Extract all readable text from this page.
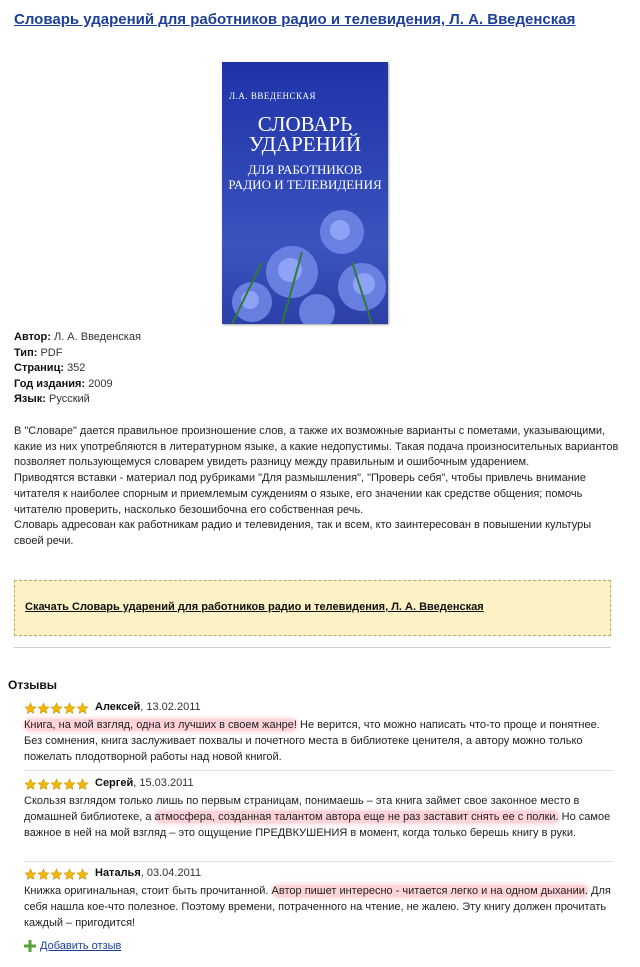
Словарь ударений для работников радио и телевидения, Л. А. Введенская
Л.А. ВВЕДЕНСКАЯ
СЛОВАРЬ
УДАРЕНИЙ
ДЛЯ РАБОТНИКОВ
РАДИО И ТЕЛЕВИДЕНИЯ
Автор: Л. А. Введенская
Тип: PDF
Страниц: 352
Год издания: 2009
Язык: Русский

В "Словаре" дается правильное произношение слов, а также их возможные варианты с пометами, указывающими, какие из них употребляются в литературном языке, а какие недопустимы. Такая подача произносительных вариантов позволяет пользующемуся словарем увидеть разницу между правильным и ошибочным ударением.

Приводятся вставки - материал под рубриками "Для размышления", "Проверь себя", чтобы привлечь внимание читателя к наиболее спорным и приемлемым суждениям о языке, его значении как средстве общения; помочь читателю проверить, насколько безошибочна его собственная речь.

Словарь адресован как работникам радио и телевидения, так и всем, кто заинтересован в повышении культуры своей речи.

Скачать Словарь ударений для работников радио и телевидения, Л. А. Введенская
Отзывы
Алексей , 13.02.2011
Книга, на мой взгляд, одна из лучших в своем жанре! Не верится, что можно написать что-то проще и понятнее. Без сомнения, книга заслуживает похвалы и почетного места в библиотеке ценителя, а автору можно только пожелать плодотворной работы над новой книгой.
Сергей , 15.03.2011
Скользя взглядом только лишь по первым страницам, понимаешь – эта книга займет свое законное место в домашней библиотеке, а атмосфера, созданная талантом автора еще не раз заставит снять ее с полки. Но самое важное в ней на мой взгляд – это ощущение ПРЕДВКУШЕНИЯ в момент, когда только берешь книгу в руки.
Наталья , 03.04.2011
Книжка оригинальная, стоит быть прочитанной. Автор пишет интересно - читается легко и на одном дыхании. Для себя нашла кое-что полезное. Поэтому времени, потраченного на чтение, не жалею. Эту книгу должен прочитать каждый – пригодится!
Добавить отзыв
